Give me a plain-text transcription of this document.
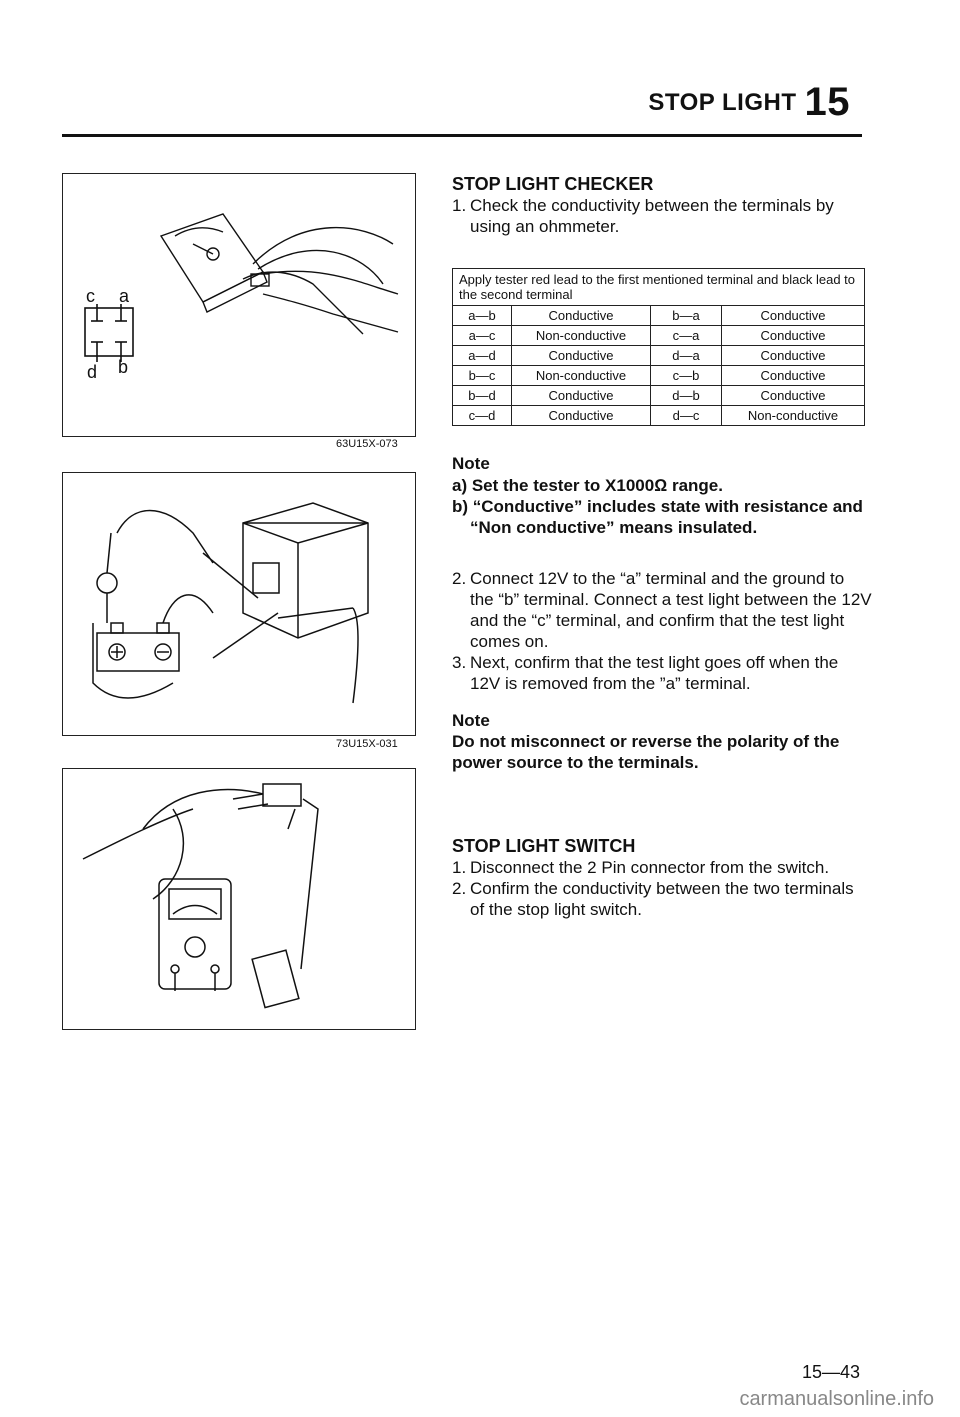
STOP LIGHT 15
c a
d b
63U15X-073
73U15X-031
STOP LIGHT CHECKER
1. Check the conductivity between the terminals by using an ohmmeter.
Apply tester red lead to the first mentioned terminal and black lead to the second terminal			
a—b	Conductive	b—a	Conductive
a—c	Non-conductive	c—a	Conductive
a—d	Conductive	d—a	Conductive
b—c	Non-conductive	c—b	Conductive
b—d	Conductive	d—b	Conductive
c—d	Conductive	d—c	Non-conductive
Note
a) Set the tester to X1000Ω range.
b) “Conductive” includes state with resistance and “Non conductive” means insulated.
2. Connect 12V to the “a” terminal and the ground to the “b” terminal. Connect a test light between the 12V and the “c” terminal, and confirm that the test light comes on.
3. Next, confirm that the test light goes off when the 12V is removed from the ”a” terminal.
Note
Do not misconnect or reverse the polarity of the power source to the terminals.
STOP LIGHT SWITCH
1. Disconnect the 2 Pin connector from the switch.
2. Confirm the conductivity between the two terminals of the stop light switch.
15—43
carmanualsonline.info
